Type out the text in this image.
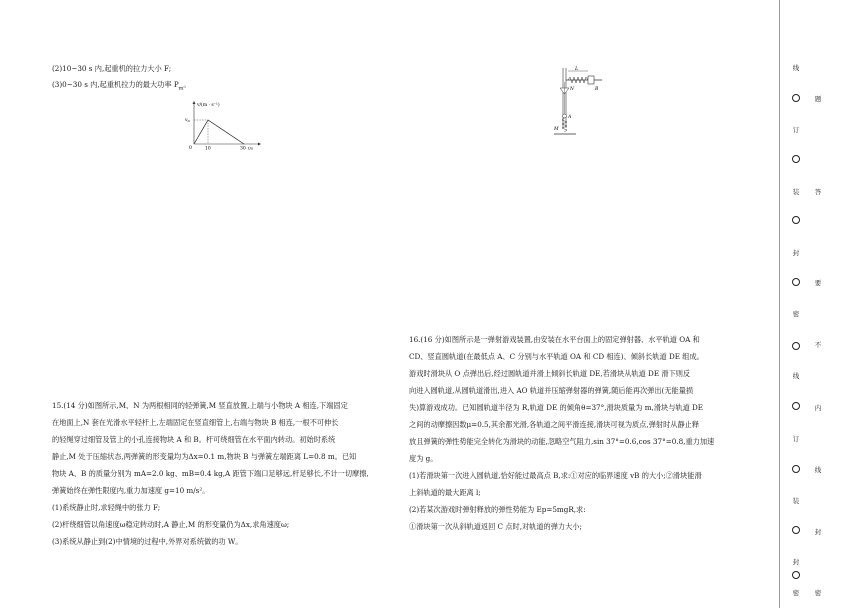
(2)10~30 s 内,起重机的拉力大小 F;
(3)0~30 s 内,起重机拉力的最大功率 $P_m$。
v/(m · s⁻¹)
$v_m$
0	10	30 t/s
15.(14 分)如图所示,M、N 为两根相同的轻弹簧,M 竖直放置,上端与小物块 A 相连,下端固定
在地面上,N 套在光滑水平轻杆上,左端固定在竖直细管上,右端与物块 B 相连,一根不可伸长
的轻绳穿过细管及管上的小孔连接物块 A 和 B。杆可绕细管在水平面内转动。初始时系统
静止,M 处于压缩状态,两弹簧的形变量均为Δx=0.1 m,物块 B 与弹簧左端距离 L=0.8 m。已知
物块 A、B 的质量分别为 mA=2.0 kg、mB=0.4 kg,A 距管下端口足够远,杆足够长,不计一切摩擦,
弹簧始终在弹性限度内,重力加速度 g=10 m/s²。
(1)系统静止时,求轻绳中的张力 F;
(2)杆绕细管以角速度ω稳定转动时,A 静止,M 的形变量仍为Δx,求角速度ω;
(3)系统从静止到(2)中情境的过程中,外界对系统做的功 W。
L
N	B
A
M
16.(16 分)如图所示是一弹射游戏装置,由安装在水平台面上的固定弹射器、水平轨道 OA 和
CD、竖直圆轨道(在最低点 A、C 分别与水平轨道 OA 和 CD 相连)、倾斜长轨道 DE 组成。
游戏时滑块从 O 点弹出后,经过圆轨道并滑上倾斜长轨道 DE,若滑块从轨道 DE 滑下则反
向进入圆轨道,从圆轨道滑出,进入 AO 轨道并压缩弹射器的弹簧,随后能再次弹出(无能量损
失)算游戏成功。已知圆轨道半径为 R,轨道 DE 的倾角θ=37°,滑块质量为 m,滑块与轨道 DE
之间的动摩擦因数μ=0.5,其余都光滑,各轨道之间平滑连接,滑块可视为质点,弹射时从静止释
放且弹簧的弹性势能完全转化为滑块的动能,忽略空气阻力,sin 37°=0.6,cos 37°=0.8,重力加速
度为 g。
(1)若滑块第一次进入圆轨道,恰好能过最高点 B,求:①对应的临界速度 vB 的大小;②滑块能滑
上斜轨道的最大距离 l;
(2)若某次游戏时弹射释放的弹性势能为 Ep=5mgR,求:
①滑块第一次从斜轨道返回 C 点时,对轨道的弹力大小;
线
订
装
封
密
线
订
装
封
密
题
答
要
不
内
线
封
密
